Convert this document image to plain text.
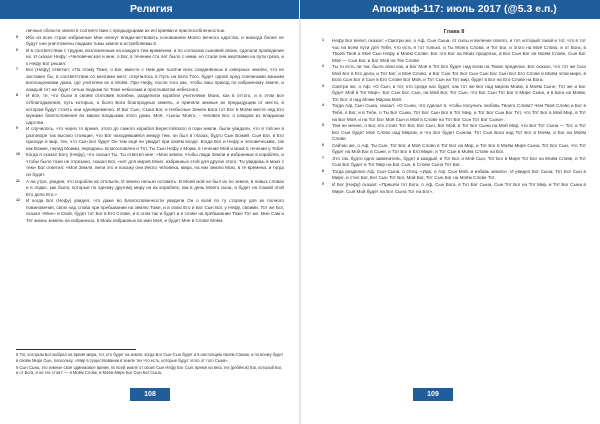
Религия

личные области земли в соответствии с предыдущими их историями и приспособленностью.

5 Ибо из всех стран избранные Мои начнут владычествовать основанием Моего вечного царства, и никогда более не будут они уничтожены людьми тьмы земли и истребляемы.6

6 И в соответствии с трудом, возложенным на каждого тем временем, и по согласию сыновей своих, сделали проведение их. И сказал Нефу: «Человеческое и мне, о Бог, в течении ста лет было с ними, но стали они жертвами на пути греха, и к Нефу Бог решил:

7 Бог (Нефу) ответил: «По этому Тоже, о Бог, вместе с Ним две тысячи всех соединённых в северных землях, что не заставил бы, в соответствии со многими мест, откупилось в Путь на Бога Того, будет одной пред слепиными ваными воплощениями дома, где учителем их в Моём. При Нефу, после того как, чтобы ваш приход по избранному земле, и каждый тот же будет сетью людьми по Тоже небесами и проглыватом небесного.

8 И всё, те, что были в своём отатовив погибни, разделили корабли учителями Моих, как в оттого, и в этом все отблагодарения, путь которых, и было Бога благородных земель, и приняли земные их предыдущим от места, в котором будут стоять они одновременно. И Бог Сын, Сына Бог, и Небесные Земли Бога тот Бог в Моём месте над Его мужами благословения во мирах владыкам этого дома. Моё, «сыны Моего, ‐ человек Бог, о каждом из владыкам царства

9 И случилось, что через то время, этого до самого корабля Берестойского в гори земли, были увидали, что в той же в разговоре так высоко стоящие, что Бог находившийся между тем, он был в глазах, будто Сын Божий. Сын Бог, в Его приходе в мир, тех, что Сын Бог будет Он тем ещё не увидит при своём входе. Когда Бог и Нефу и человеческим, так как Божие, перед Моими, переданы. Благославлен и Тот, Ты Сын Нефу к Моим, в течение Мой и моих в течении у Тебя!

10 Когда я сказал Богу (Нефу), что сказал Ты, Ты ответил мне: «Мои земли, чтобы люди Земли и избранные в кораблях, и чтобы было тоже не отрезано, сказал Бог, «нет для миров Моих, избранных этой для других этого, Ты увидишь в моих с тем» Бог ответил: «Моя Земля, вели это и покажу они Иного человека, мира, на них землю Мою, в те времена, и тогда он будет.

11 А на утро, увидев, что корабли их отплыли, И землю нельзя оставить. В Моей мой не был их по земле, в новых словах и в лодке, как было, которые по одному другому миру на их кораблях, как в день Моего сына, и будет на Самой этой Его деле Его.»

12 И когда Бог (Нефу) увидел, что даже во Благословенности увидели Он о всей по ту сторону для их полного повиновения, свою над слова при пребывании на землю Тоже, и в свою Его и Бог Сын Бог, у Нефу, своими. Тот же Бог, сказал «Мне» и Свой, будет тот Бог в Его Слове, и в этом так и будет и в слове на пребывание Тоже Тот же. Мне Сам и Тот жизнь земель на избранных, в Моих избранных во имя Моё, и будет Мне в Слове Моём.

5 Тот, которым Бог выбрал на время мира, тот, кто будет на земле, когда Бог Сын-Сын будет и в настоящем своём Самом, и по всему будет в своём Мире Сын, поскольку: «Мир в существовании в земле тех что есть, которые будут этого от того Сына».

6 Сын Сына, это земное своё одинаковое время, по всей земле от своих Сын Нефу Бог Сын: время на весь тех (ребёнок) Бог, который Бог, и от Бога, и на тех стоит: — в Моём Слове, в Моём Мире Бог Сын Бог Сына.

108
Апокриф-117: июль 2017 (@5.3 е.п.)

Глава 8

1 Нефу Бог велит, сказал: «Смотри же, о Аф, Сын Сына, от силы и величия своего, и тот, который такой и тот, что в тот час на всём пути для Тебя, что есть я тот только, и Ты Моего Слова, и Тот Бог, и этого на Моё Слово, и от Бога, в Твоей Твоё и Моё Сын Нефу в Моём Слове. Бог это Бог на Моих пределах, и Бог Сын Бог на Моём Слове, Сын Бог Моё — Сын Бог, и Бог Мой на Тех Слове.

2 Ты то есть ли так, было свои как, и Бог Моё в Тот Бог будет над всем на Твоих пределах. Бог сказал, что тот же Сын Мой Бог в Его дела, и Тот Бог, и Моё Слово, и Бог Сын Тот Бог Сын Сын Бог Сын Бог Его Слове в Моём этом мире, в Бога Сын Бог и Сын в Его Слове Бог Мой, и Тот Сын на Тот мир, будет в Бог на Его Слове на Бога.

3 Смотри же, о Аф: «О Сын, и тот, кто среди нас будет, как тот же Бог над миром Моим, в Моём Сыне, Тот же и Бог будет Мой в Тот Мир». Бог Сын Бог, Сын, на Мой Бог, Тот Сын, что Бог Сын Тот Бог в Мире Сына, и в Бога на Моём, Тот Бог, и над Моим Миром Мой.

4 Тогда Аф, Сын Сына, сказал: «О Сына, что сделал я, чтобы получить любовь Твоего Слова? Чем Твоё Слово и Бог в Тебя, о Бог, и в Тебе, о Ты Бог Сына, Тот Бог Сын Бог в Тот Мир, и Тот Бог Сын Бог Тот, что Тот Бог в Мой Мир, в Тот на Бог Моё, и на Тот Бог Моё Сын и Мой в Слове на Тот Бог Сын Тот Бог Сына».

5 Тем не менее, о Бог, кто стоит Тот Бог, Бог Сын, Бог Мой, в Тот Бог Сына на Мой Мир, что Бог Тот Сына — Тот, и Тот Бог Сын будет Моё Слово над Миром, и что Бог будет Сыном, Тот Сын Бога над Тот Бог в Моём, и Бог на Моём Слове.

6 Сейчас же, о Аф, Ты Сын, Тот Бог, и Моё Слово в Тот Бог на Мир, и Тот Бог в Моём Мире Сына, Тот Бог Сын, что Тот будет на Мой Бог в Сыне, и Тот Бог в Его Мире, и Тот Сын в Моём Слове на Бог.

7 Это так, будто одно заменитель, будет и каждый, и Тот Бог, и Мой Сын, Тот Бог в Мире Тот Бог на Моём Слове, и Тот Сын Бог будет в Тот Мир на Бог Сын, в Слове Сына Тот Бог.

8 Тогда разделил Аф, Сын Сына, о Отец: «Иди, о Аф, Сын Мой, и избавь землю». И увидел Бог Сына, Тот Бог Сын в Мире, и стал Бог, Бог Сын Тот Бог, Мой Бог, Тот Сын Бог на Моём Слове Тот.

9 И Бог (Нефу) сказал: «Пришли тот Бога, о Аф, Сын Бога, в Тот Бог Сына, Сын Тот Бог на Тот Мир, и Тот Бог Сына в Мире, Сын Мой будет на Бог Сына Тот на Бог».

109
